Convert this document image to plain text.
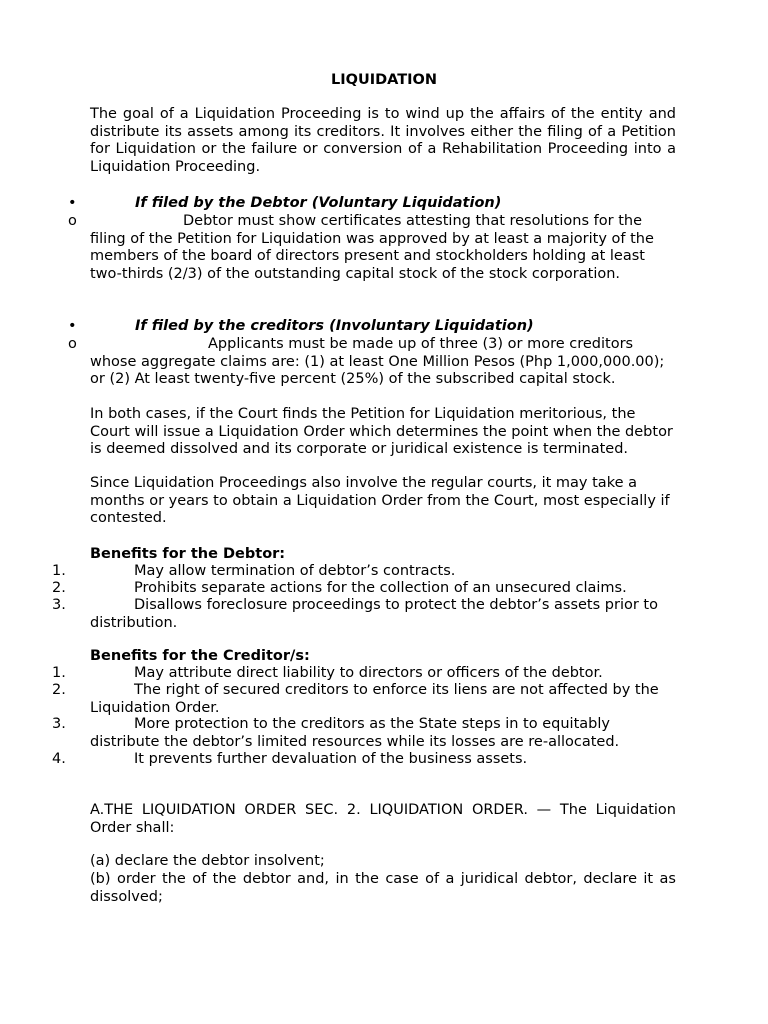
LIQUIDATION

The goal of a Liquidation Proceeding is to wind up the affairs of the entity and distribute its assets among its creditors. It involves either the filing of a Petition for Liquidation or the failure or conversion of a Rehabilitation Proceeding into a Liquidation Proceeding.

•	If filed by the Debtor (Voluntary Liquidation)

o	Debtor must show certificates attesting that resolutions for the filing of the Petition for Liquidation was approved by at least a majority of the members of the board of directors present and stockholders holding at least two-thirds (2/3) of the outstanding capital stock of the stock corporation.

•	If filed by the creditors (Involuntary Liquidation)

o	Applicants must be made up of three (3) or more creditors whose aggregate claims are: (1) at least One Million Pesos (Php 1,000,000.00); or (2) At least twenty-five percent (25%) of the subscribed capital stock.

In both cases, if the Court finds the Petition for Liquidation meritorious, the Court will issue a Liquidation Order which determines the point when the debtor is deemed dissolved and its corporate or juridical existence is terminated.

Since Liquidation Proceedings also involve the regular courts, it may take a months or years to obtain a Liquidation Order from the Court, most especially if contested.

Benefits for the Debtor:

1.	May allow termination of debtor’s contracts.

2.	Prohibits separate actions for the collection of an unsecured claims.

3.	Disallows foreclosure proceedings to protect the debtor’s assets prior to distribution.

Benefits for the Creditor/s:

1.	May attribute direct liability to directors or officers of the debtor.

2.	The right of secured creditors to enforce its liens are not affected by the Liquidation Order.

3.	More protection to the creditors as the State steps in to equitably distribute the debtor’s limited resources while its losses are re-allocated.

4.	It prevents further devaluation of the business assets.

A.THE LIQUIDATION ORDER SEC. 2. LIQUIDATION ORDER. — The Liquidation Order shall:

(a) declare the debtor insolvent;

(b) order the of the debtor and, in the case of a juridical debtor, declare it as dissolved;
